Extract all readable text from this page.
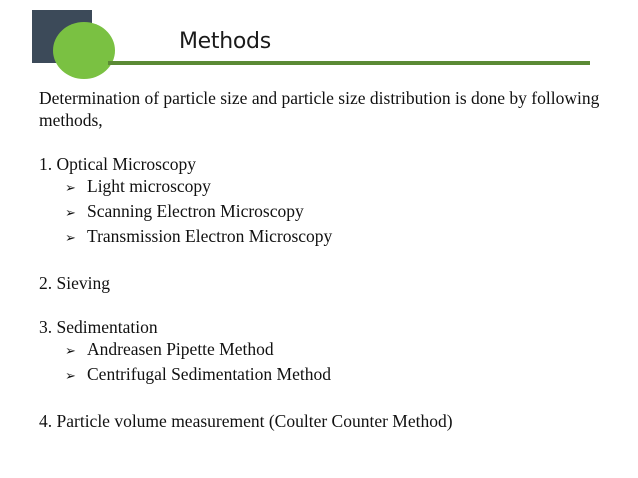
Methods

Determination of particle size and particle size distribution is done by following methods,

1. Optical Microscopy

➢ Light microscopy
➢ Scanning Electron Microscopy
➢ Transmission Electron Microscopy

2. Sieving

3. Sedimentation

➢ Andreasen Pipette Method
➢ Centrifugal Sedimentation Method

4. Particle volume measurement (Coulter Counter Method)
